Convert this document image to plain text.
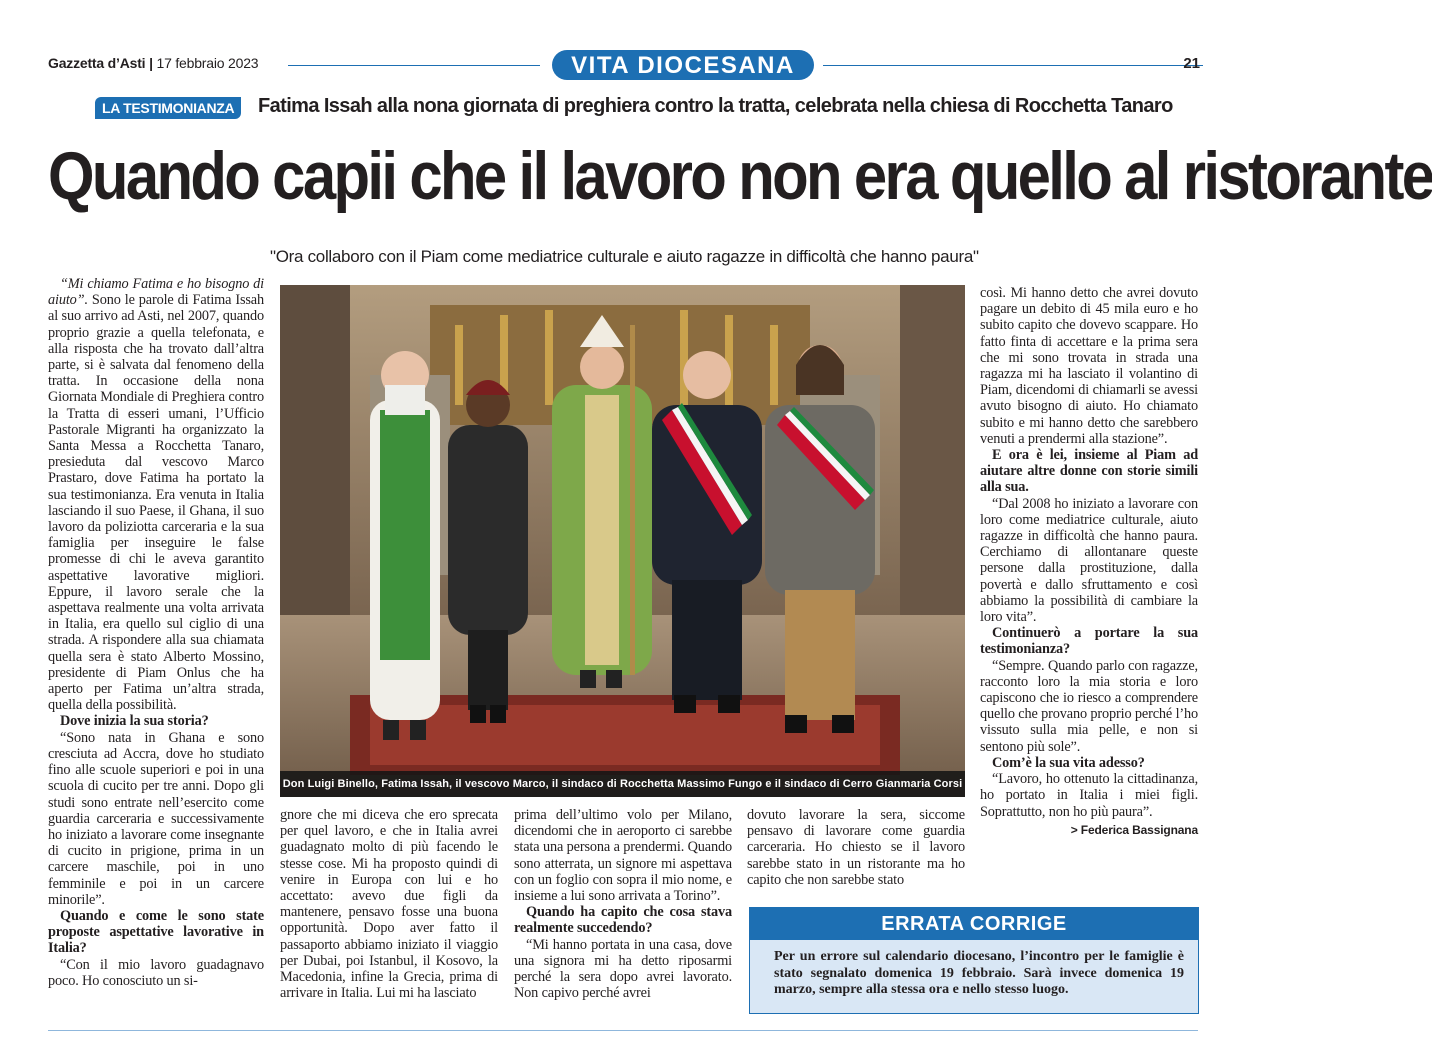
Gazzetta d’Asti | 17 febbraio 2023	VITA DIOCESANA	21
LA TESTIMONIANZA	Fatima Issah alla nona giornata di preghiera contro la tratta, celebrata nella chiesa di Rocchetta Tanaro
Quando capii che il lavoro non era quello al ristorante
"Ora collaboro con il Piam come mediatrice culturale e aiuto ragazze in difficoltà che hanno paura"

“Mi chiamo Fatima e ho bisogno di aiuto”. Sono le parole di Fatima Issah al suo arrivo ad Asti, nel 2007, quando proprio grazie a quella telefonata, e alla risposta che ha trovato dall’altra parte, si è salvata dal fenomeno della tratta. In occasione della nona Giornata Mondiale di Preghiera contro la Tratta di esseri umani, l’Ufficio Pastorale Migranti ha organizzato la Santa Messa a Rocchetta Tanaro, presieduta dal vescovo Marco Prastaro, dove Fatima ha portato la sua testimonianza. Era venuta in Italia lasciando il suo Paese, il Ghana, il suo lavoro da poliziotta carceraria e la sua famiglia per inseguire le false promesse di chi le aveva garantito aspettative lavorative migliori. Eppure, il lavoro serale che la aspettava realmente una volta arrivata in Italia, era quello sul ciglio di una strada. A rispondere alla sua chiamata quella sera è stato Alberto Mossino, presidente di Piam Onlus che ha aperto per Fatima un’altra strada, quella della possibilità.

Dove inizia la sua storia?

“Sono nata in Ghana e sono cresciuta ad Accra, dove ho studiato fino alle scuole superiori e poi in una scuola di cucito per tre anni. Dopo gli studi sono entrate nell’esercito come guardia carceraria e successivamente ho iniziato a lavorare come insegnante di cucito in prigione, prima in un carcere maschile, poi in uno femminile e poi in un carcere minorile”.

Quando e come le sono state proposte aspettative lavorative in Italia?

“Con il mio lavoro guadagnavo poco. Ho conosciuto un si-

Don Luigi Binello, Fatima Issah, il vescovo Marco, il sindaco di Rocchetta Massimo Fungo e il sindaco di Cerro Gianmaria Corsi

gnore che mi diceva che ero sprecata per quel lavoro, e che in Italia avrei guadagnato molto di più facendo le stesse cose. Mi ha proposto quindi di venire in Europa con lui e ho accettato: avevo due figli da mantenere, pensavo fosse una buona opportunità. Dopo aver fatto il passaporto abbiamo iniziato il viaggio per Dubai, poi Istanbul, il Kosovo, la Macedonia, infine la Grecia, prima di arrivare in Italia. Lui mi ha lasciato

prima dell’ultimo volo per Milano, dicendomi che in aeroporto ci sarebbe stata una persona a prendermi. Quando sono atterrata, un signore mi aspettava con un foglio con sopra il mio nome, e insieme a lui sono arrivata a Torino”.

Quando ha capito che cosa stava realmente succedendo?

“Mi hanno portata in una casa, dove una signora mi ha detto riposarmi perché la sera dopo avrei lavorato. Non capivo perché avrei

dovuto lavorare la sera, siccome pensavo di lavorare come guardia carceraria. Ho chiesto se il lavoro sarebbe stato in un ristorante ma ho capito che non sarebbe stato

così. Mi hanno detto che avrei dovuto pagare un debito di 45 mila euro e ho subito capito che dovevo scappare. Ho fatto finta di accettare e la prima sera che mi sono trovata in strada una ragazza mi ha lasciato il volantino di Piam, dicendomi di chiamarli se avessi avuto bisogno di aiuto. Ho chiamato subito e mi hanno detto che sarebbero venuti a prendermi alla stazione”.

E ora è lei, insieme al Piam ad aiutare altre donne con storie simili alla sua.

“Dal 2008 ho iniziato a lavorare con loro come mediatrice culturale, aiuto ragazze in difficoltà che hanno paura. Cerchiamo di allontanare queste persone dalla prostituzione, dalla povertà e dallo sfruttamento e così abbiamo la possibilità di cambiare la loro vita”.

Continuerò a portare la sua testimonianza?

“Sempre. Quando parlo con ragazze, racconto loro la mia storia e loro capiscono che io riesco a comprendere quello che provano proprio perché l’ho vissuto sulla mia pelle, e non si sentono più sole”.

Com’è la sua vita adesso?

“Lavoro, ho ottenuto la cittadinanza, ho portato in Italia i miei figli. Soprattutto, non ho più paura”.

> Federica Bassignana
ERRATA CORRIGE
Per un errore sul calendario diocesano, l’incontro per le famiglie è stato segnalato domenica 19 febbraio. Sarà invece domenica 19 marzo, sempre alla stessa ora e nello stesso luogo.
